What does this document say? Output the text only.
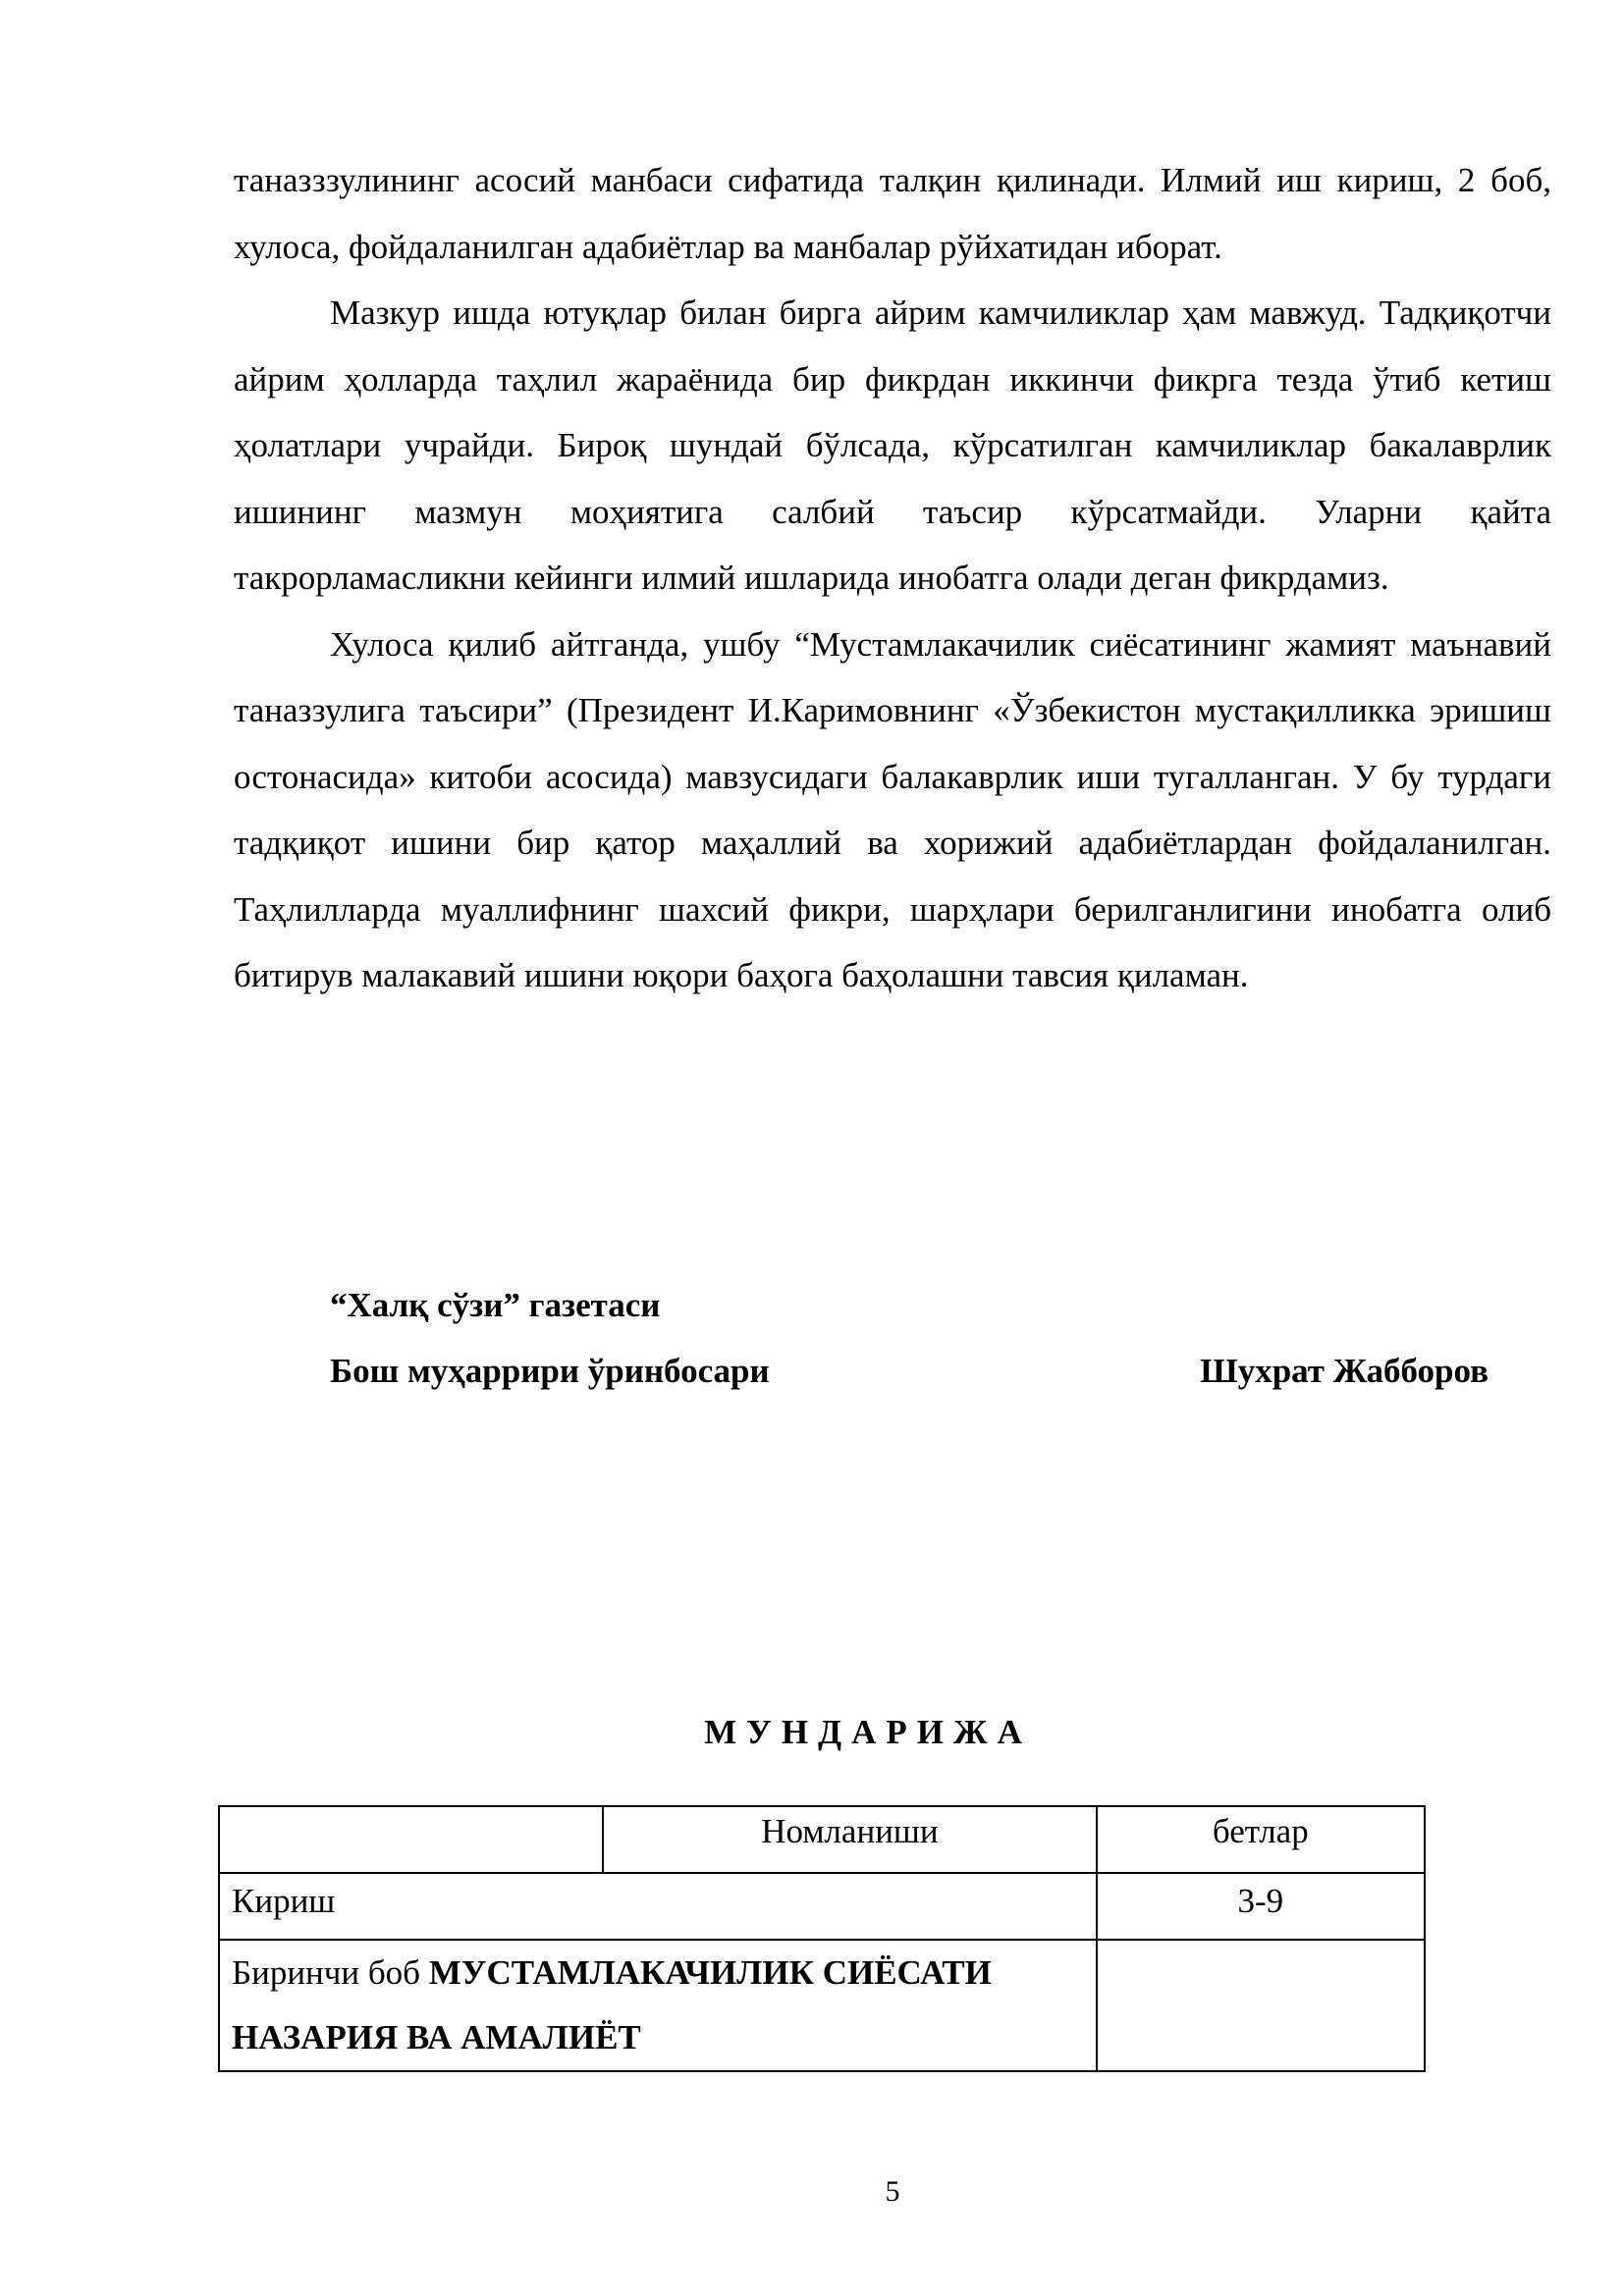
таназззулининг асосий манбаси сифатида талқин қилинади. Илмий иш кириш, 2 боб, хулоса, фойдаланилган адабиётлар ва манбалар рўйхатидан иборат.

Мазкур ишда ютуқлар билан бирга айрим камчиликлар ҳам мавжуд. Тадқиқотчи айрим ҳолларда таҳлил жараёнида бир фикрдан иккинчи фикрга тезда ўтиб кетиш ҳолатлари учрайди. Бироқ шундай бўлсада, кўрсатилган камчиликлар бакалаврлик ишининг мазмун моҳиятига салбий таъсир кўрсатмайди. Уларни қайта такрорламасликни кейинги илмий ишларида инобатга олади деган фикрдамиз.

Хулоса қилиб айтганда, ушбу “Мустамлакачилик сиёсатининг жамият маънавий таназзулига таъсири” (Президент И.Каримовнинг «Ўзбекистон мустақилликка эришиш остонасида» китоби асосида) мавзусидаги балакаврлик иши тугалланган. У бу турдаги тадқиқот ишини бир қатор маҳаллий ва хорижий адабиётлардан фойдаланилган. Таҳлилларда муаллифнинг шахсий фикри, шарҳлари берилганлигини инобатга олиб битирув малакавий ишини юқори баҳога баҳолашни тавсия қиламан.

“Халқ сўзи” газетаси
Бош муҳаррири ўринбосари	Шухрат Жабборов
МУНДАРИЖА
	Номланиши	бетлар
Кириш		3-9
Биринчи боб МУСТАМЛАКАЧИЛИК СИЁСАТИ
НАЗАРИЯ ВА АМАЛИЁТ		
5
